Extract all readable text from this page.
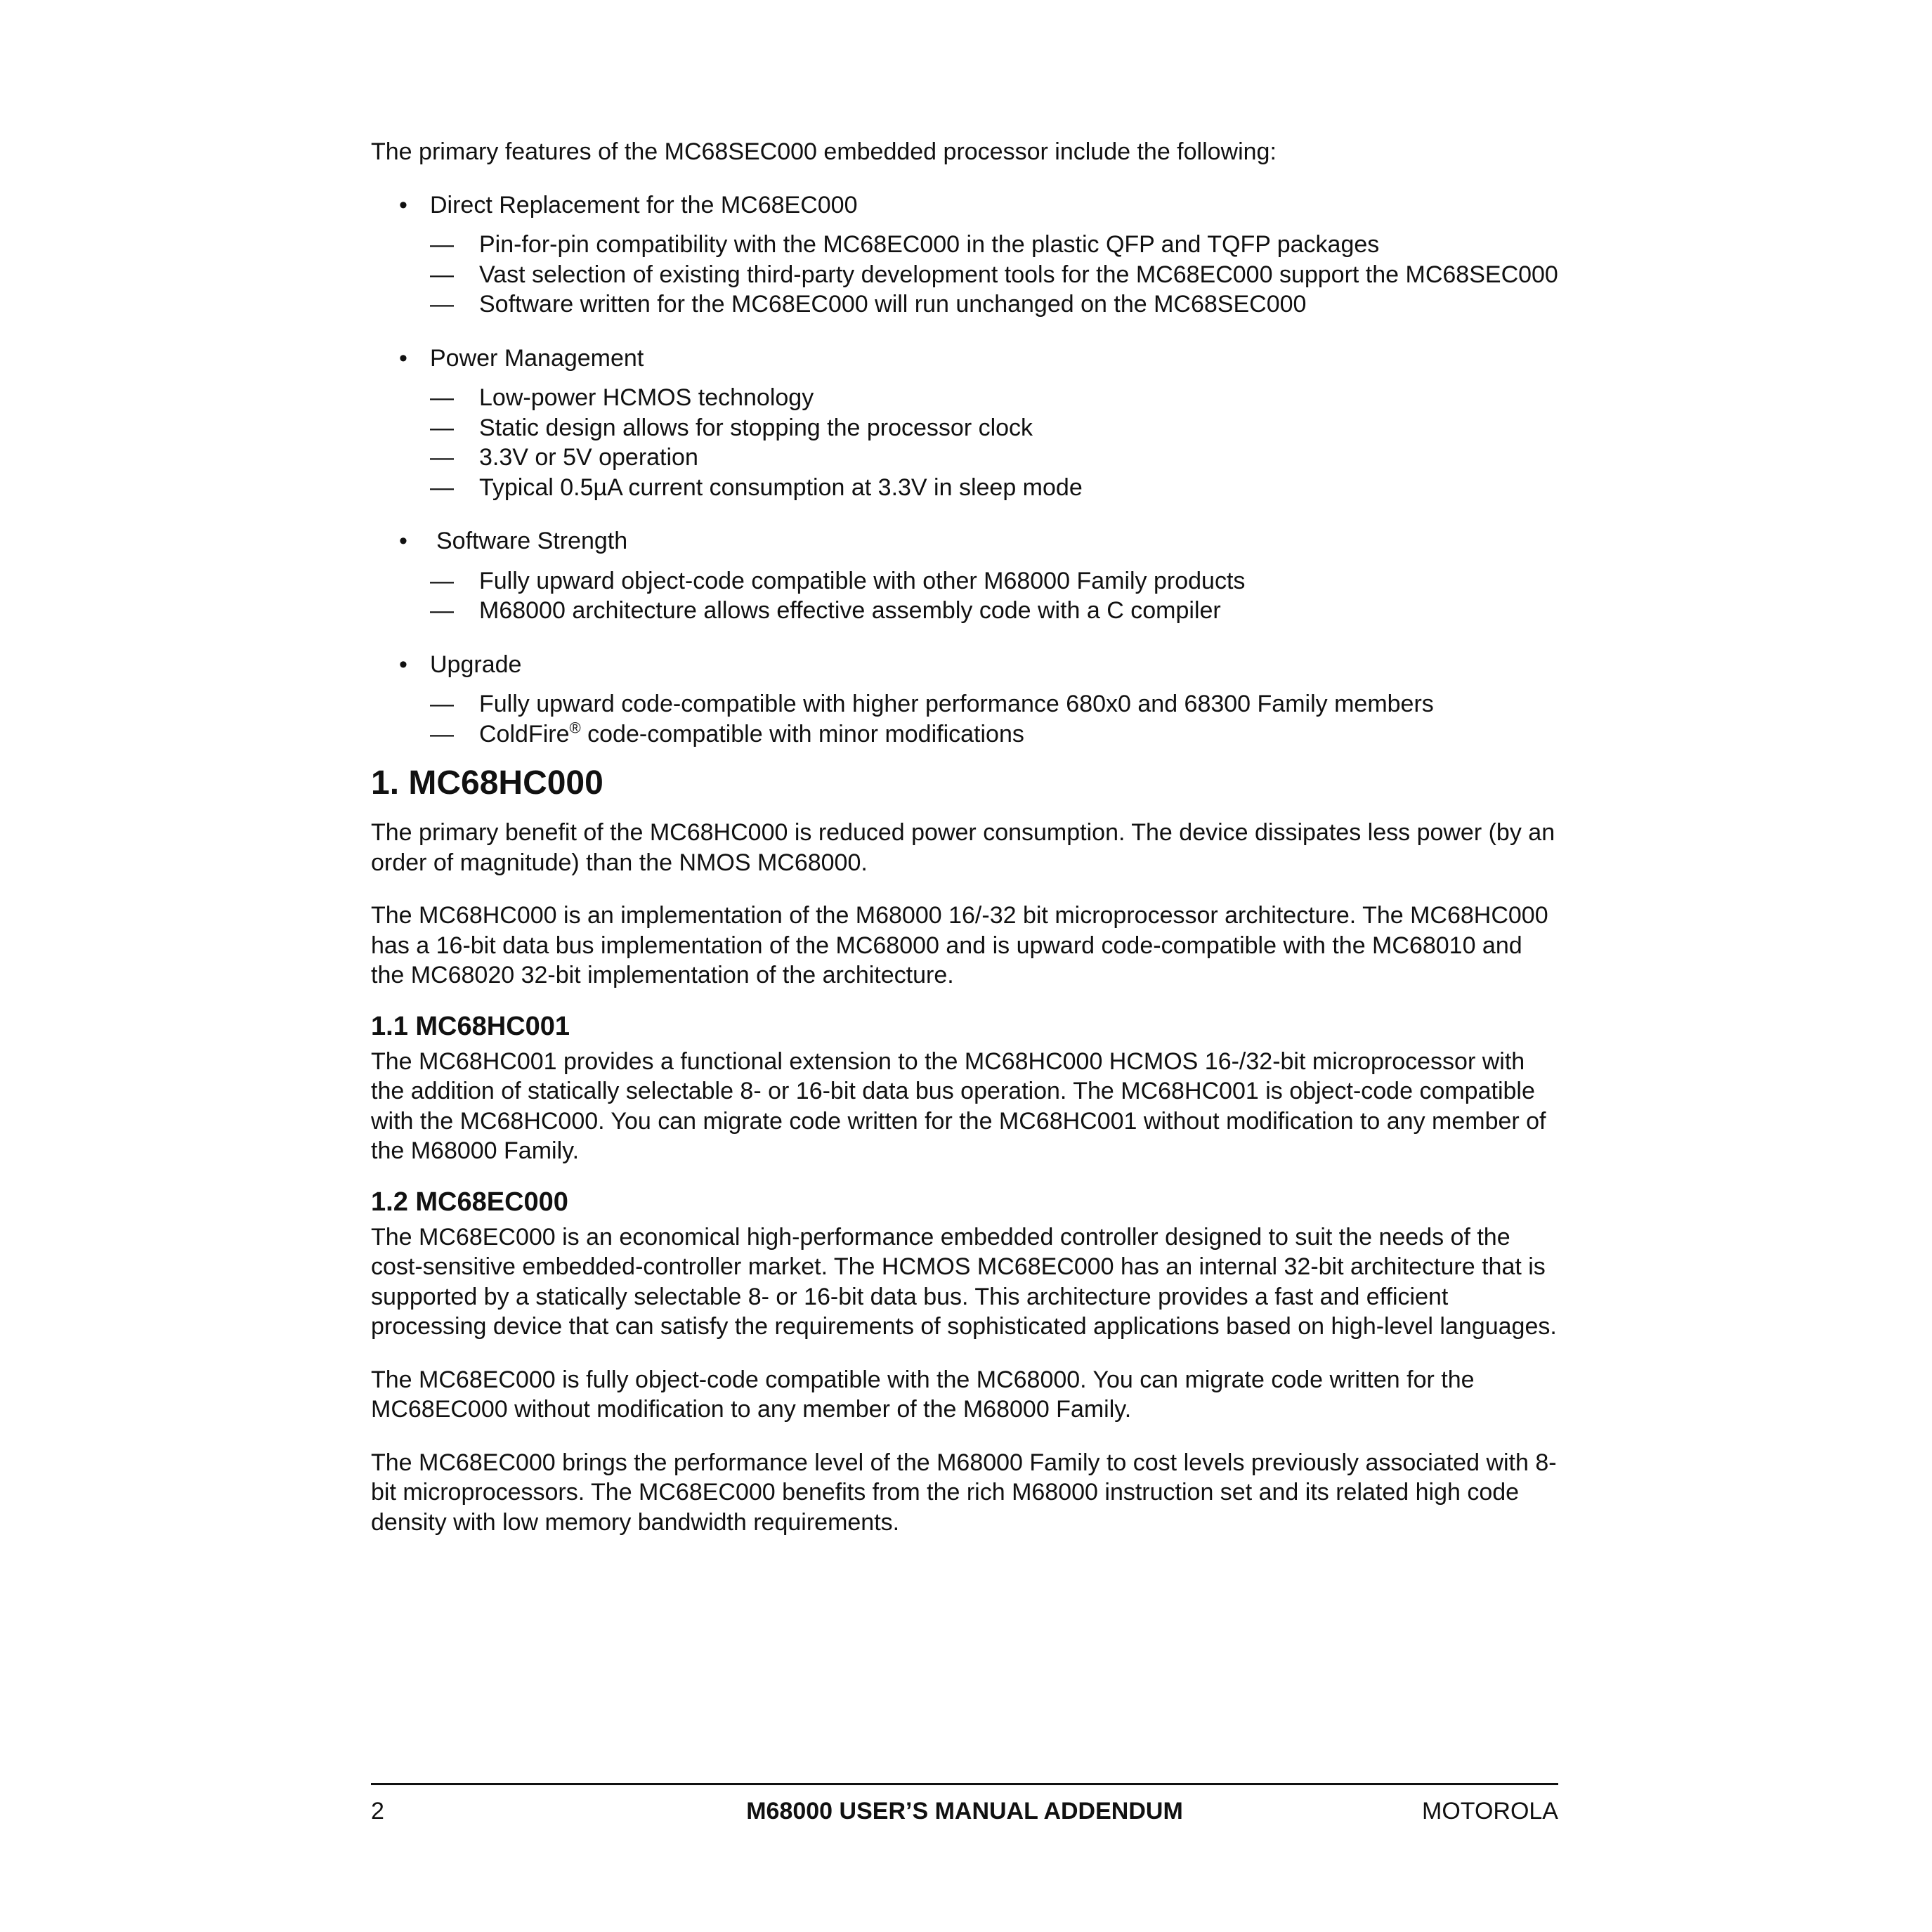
The primary features of the MC68SEC000 embedded processor include the following:

• Direct Replacement for the MC68EC000
— Pin-for-pin compatibility with the MC68EC000 in the plastic QFP and TQFP packages
— Vast selection of existing third-party development tools for the MC68EC000 support the MC68SEC000
— Software written for the MC68EC000 will run unchanged on the MC68SEC000
• Power Management
— Low-power HCMOS technology
— Static design allows for stopping the processor clock
— 3.3V or 5V operation
— Typical 0.5µA current consumption at 3.3V in sleep mode
• Software Strength
— Fully upward object-code compatible with other M68000 Family products
— M68000 architecture allows effective assembly code with a C compiler
• Upgrade
— Fully upward code-compatible with higher performance 680x0 and 68300 Family members
— ColdFire® code-compatible with minor modifications
1. MC68HC000

The primary benefit of the MC68HC000 is reduced power consumption. The device dissipates less power (by an order of magnitude) than the NMOS MC68000.

The MC68HC000 is an implementation of the M68000 16/-32 bit microprocessor architecture. The MC68HC000 has a 16-bit data bus implementation of the MC68000 and is upward code-compatible with the MC68010 and the MC68020 32-bit implementation of the architecture.

1.1 MC68HC001

The MC68HC001 provides a functional extension to the MC68HC000 HCMOS 16-/32-bit microprocessor with the addition of statically selectable 8- or 16-bit data bus operation. The MC68HC001 is object-code compatible with the MC68HC000. You can migrate code written for the MC68HC001 without modification to any member of the M68000 Family.

1.2 MC68EC000

The MC68EC000 is an economical high-performance embedded controller designed to suit the needs of the cost-sensitive embedded-controller market. The HCMOS MC68EC000 has an internal 32-bit architecture that is supported by a statically selectable 8- or 16-bit data bus. This architecture provides a fast and efficient processing device that can satisfy the requirements of sophisticated applications based on high-level languages.

The MC68EC000 is fully object-code compatible with the MC68000. You can migrate code written for the MC68EC000 without modification to any member of the M68000 Family.

The MC68EC000 brings the performance level of the M68000 Family to cost levels previously associated with 8-bit microprocessors. The MC68EC000 benefits from the rich M68000 instruction set and its related high code density with low memory bandwidth requirements.

2	M68000 USER’S MANUAL ADDENDUM	MOTOROLA
